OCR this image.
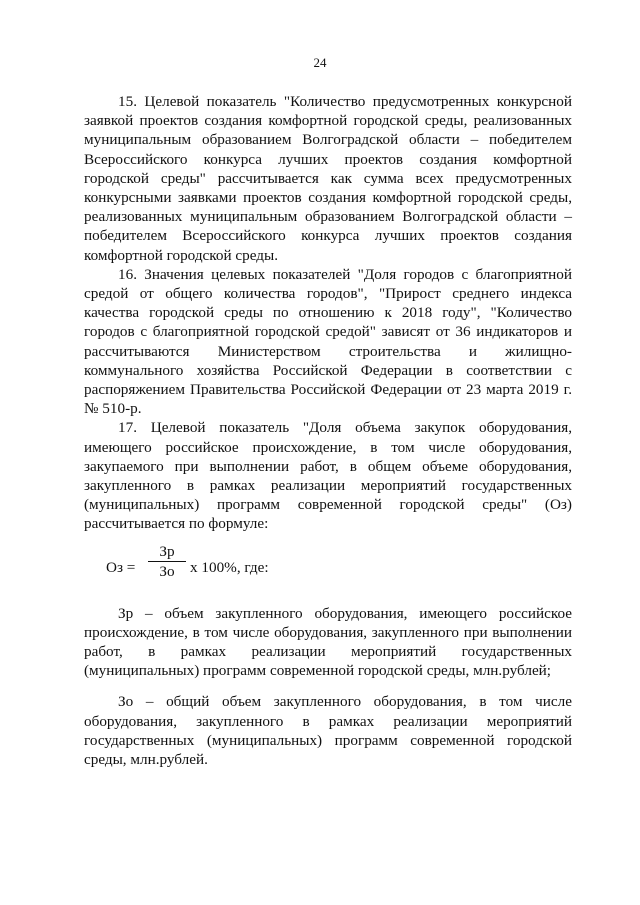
24

15. Целевой показатель "Количество предусмотренных конкурсной заявкой проектов создания комфортной городской среды, реализованных муниципальным образованием Волгоградской области – победителем Всероссийского конкурса лучших проектов создания комфортной городской среды" рассчитывается как сумма всех предусмотренных конкурсными заявками проектов создания комфортной городской среды, реализованных муниципальным образованием Волгоградской области – победителем Всероссийского конкурса лучших проектов создания комфортной городской среды.

16. Значения целевых показателей "Доля городов с благоприятной средой от общего количества городов", "Прирост среднего индекса качества городской среды по отношению к 2018 году", "Количество городов с благоприятной городской средой" зависят от 36 индикаторов и рассчитываются Министерством строительства и жилищно-коммунального хозяйства Российской Федерации в соответствии с распоряжением Правительства Российской Федерации от 23 марта 2019 г. № 510-р.

17. Целевой показатель "Доля объема закупок оборудования, имеющего российское происхождение, в том числе оборудования, закупаемого при выполнении работ, в общем объеме оборудования, закупленного в рамках реализации мероприятий государственных (муниципальных) программ современной городской среды" (Оз) рассчитывается по формуле:

Оз =
Зр
Зо	х 100%, где:

Зр – объем закупленного оборудования, имеющего российское происхождение, в том числе оборудования, закупленного при выполнении работ, в рамках реализации мероприятий государственных (муниципальных) программ современной городской среды, млн.рублей;

Зо – общий объем закупленного оборудования, в том числе оборудования, закупленного в рамках реализации мероприятий государственных (муниципальных) программ современной городской среды, млн.рублей.
